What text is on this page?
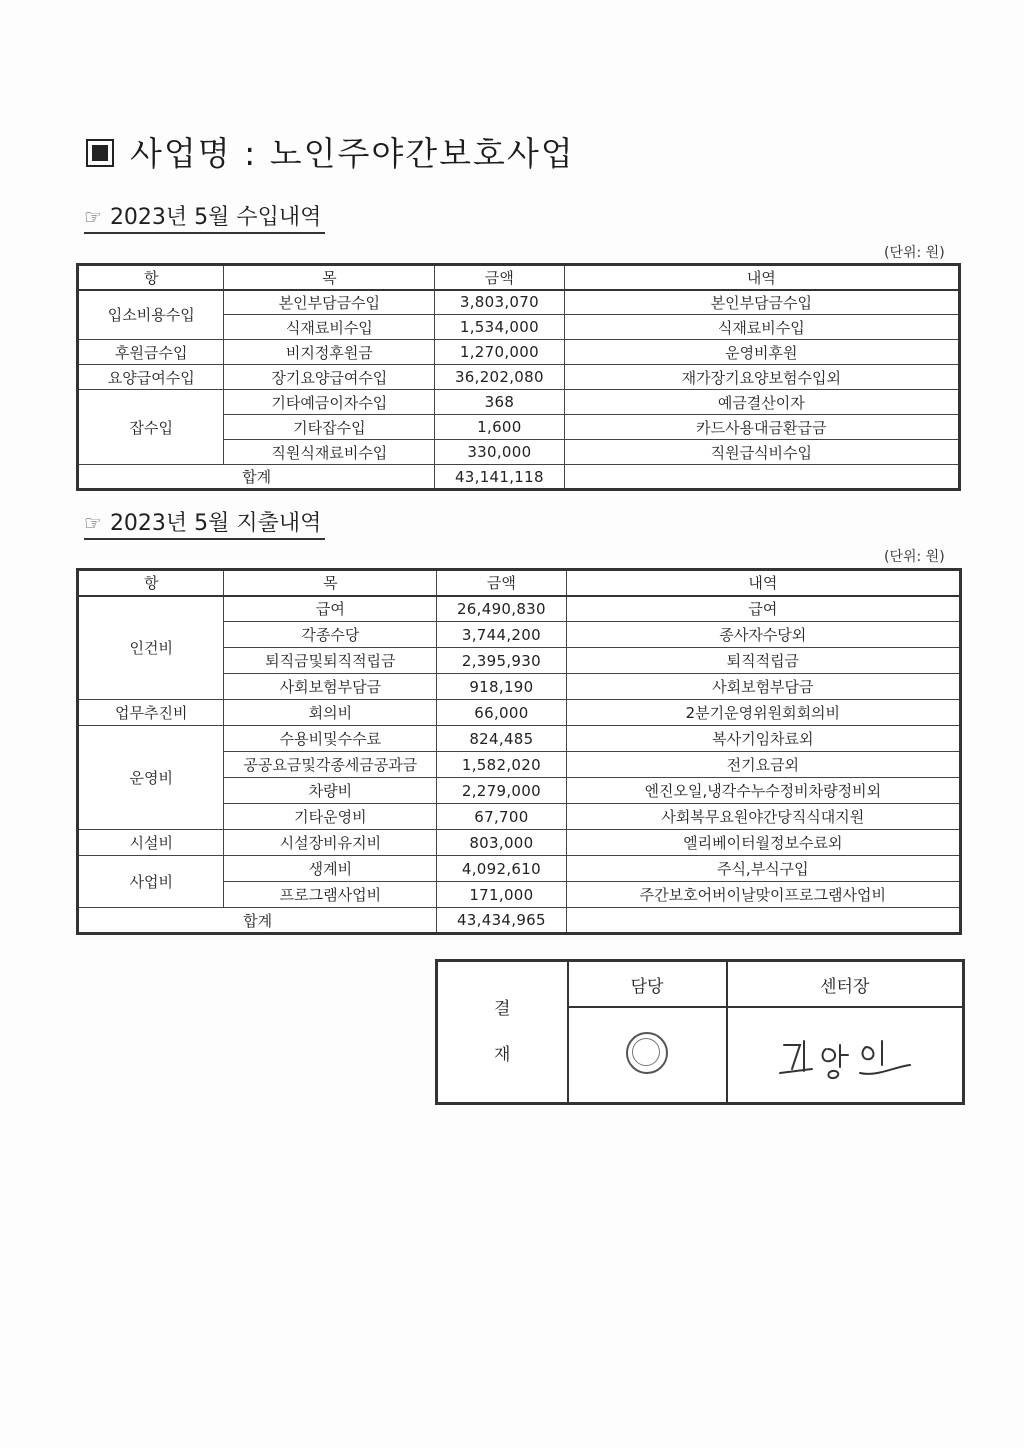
사업명 : 노인주야간보호사업
☞ 2023년 5월 수입내역
(단위: 원)
항	목	금액	내역
입소비용수입	본인부담금수입	3,803,070	본인부담금수입
	식재료비수입	1,534,000	식재료비수입
후원금수입	비지정후원금	1,270,000	운영비후원
요양급여수입	장기요양급여수입	36,202,080	재가장기요양보험수입외
잡수입	기타예금이자수입	368	예금결산이자
	기타잡수입	1,600	카드사용대금환급금
	직원식재료비수입	330,000	직원급식비수입
합계		43,141,118	
☞ 2023년 5월 지출내역
(단위: 원)
항	목	금액	내역
인건비	급여	26,490,830	급여
	각종수당	3,744,200	종사자수당외
	퇴직금및퇴직적립금	2,395,930	퇴직적립금
	사회보험부담금	918,190	사회보험부담금
업무추진비	회의비	66,000	2분기운영위원회회의비
운영비	수용비및수수료	824,485	복사기임차료외
	공공요금및각종세금공과금	1,582,020	전기요금외
	차량비	2,279,000	엔진오일,냉각수누수정비차량정비외
	기타운영비	67,700	사회복무요원야간당직식대지원
시설비	시설장비유지비	803,000	엘리베이터월정보수료외
사업비	생계비	4,092,610	주식,부식구입
	프로그램사업비	171,000	주간보호어버이날맞이프로그램사업비
합계		43,434,965	
결
재	담당	센터장
